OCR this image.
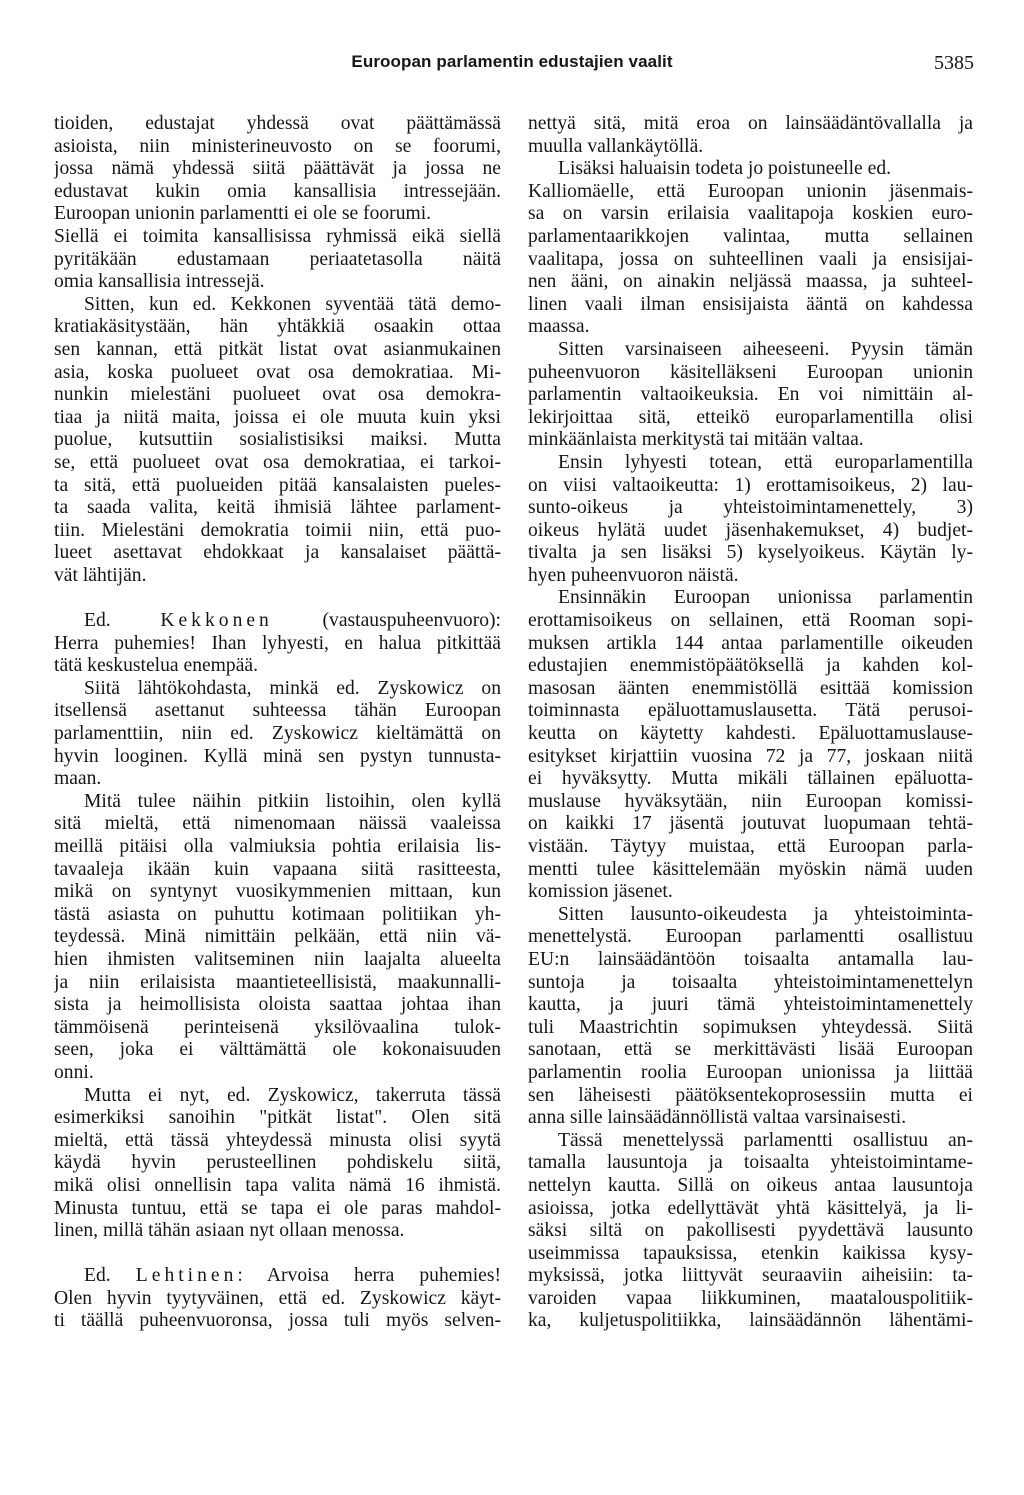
Euroopan parlamentin edustajien vaalit	5385
tioiden, edustajat yhdessä ovat päättämässä
asioista, niin ministerineuvosto on se foorumi,
jossa nämä yhdessä siitä päättävät ja jossa ne
edustavat kukin omia kansallisia intressejään.
Euroopan unionin parlamentti ei ole se foorumi.
Siellä ei toimita kansallisissa ryhmissä eikä siellä
pyritäkään edustamaan periaatetasolla näitä
omia kansallisia intressejä.
Sitten, kun ed. Kekkonen syventää tätä demo-
kratiakäsitystään, hän yhtäkkiä osaakin ottaa
sen kannan, että pitkät listat ovat asianmukainen
asia, koska puolueet ovat osa demokratiaa. Mi-
nunkin mielestäni puolueet ovat osa demokra-
tiaa ja niitä maita, joissa ei ole muuta kuin yksi
puolue, kutsuttiin sosialistisiksi maiksi. Mutta
se, että puolueet ovat osa demokratiaa, ei tarkoi-
ta sitä, että puolueiden pitää kansalaisten pueles-
ta saada valita, keitä ihmisiä lähtee parlament-
tiin. Mielestäni demokratia toimii niin, että puo-
lueet asettavat ehdokkaat ja kansalaiset päättä-
vät lähtijän.
Ed. Kekkonen (vastauspuheenvuoro):
Herra puhemies! Ihan lyhyesti, en halua pitkittää
tätä keskustelua enempää.
Siitä lähtökohdasta, minkä ed. Zyskowicz on
itsellensä asettanut suhteessa tähän Euroopan
parlamenttiin, niin ed. Zyskowicz kieltämättä on
hyvin looginen. Kyllä minä sen pystyn tunnusta-
maan.
Mitä tulee näihin pitkiin listoihin, olen kyllä
sitä mieltä, että nimenomaan näissä vaaleissa
meillä pitäisi olla valmiuksia pohtia erilaisia lis-
tavaaleja ikään kuin vapaana siitä rasitteesta,
mikä on syntynyt vuosikymmenien mittaan, kun
tästä asiasta on puhuttu kotimaan politiikan yh-
teydessä. Minä nimittäin pelkään, että niin vä-
hien ihmisten valitseminen niin laajalta alueelta
ja niin erilaisista maantieteellisistä, maakunnalli-
sista ja heimollisista oloista saattaa johtaa ihan
tämmöisenä perinteisenä yksilövaalina tulok-
seen, joka ei välttämättä ole kokonaisuuden
onni.
Mutta ei nyt, ed. Zyskowicz, takerruta tässä
esimerkiksi sanoihin "pitkät listat". Olen sitä
mieltä, että tässä yhteydessä minusta olisi syytä
käydä hyvin perusteellinen pohdiskelu siitä,
mikä olisi onnellisin tapa valita nämä 16 ihmistä.
Minusta tuntuu, että se tapa ei ole paras mahdol-
linen, millä tähän asiaan nyt ollaan menossa.
Ed. Lehtinen: Arvoisa herra puhemies!
Olen hyvin tyytyväinen, että ed. Zyskowicz käyt-
ti täällä puheenvuoronsa, jossa tuli myös selven-
nettyä sitä, mitä eroa on lainsäädäntövallalla ja
muulla vallankäytöllä.
Lisäksi haluaisin todeta jo poistuneelle ed.
Kalliomäelle, että Euroopan unionin jäsenmais-
sa on varsin erilaisia vaalitapoja koskien euro-
parlamentaarikkojen valintaa, mutta sellainen
vaalitapa, jossa on suhteellinen vaali ja ensisijai-
nen ääni, on ainakin neljässä maassa, ja suhteel-
linen vaali ilman ensisijaista ääntä on kahdessa
maassa.
Sitten varsinaiseen aiheeseeni. Pyysin tämän
puheenvuoron käsitelläkseni Euroopan unionin
parlamentin valtaoikeuksia. En voi nimittäin al-
lekirjoittaa sitä, etteikö europarlamentilla olisi
minkäänlaista merkitystä tai mitään valtaa.
Ensin lyhyesti totean, että europarlamentilla
on viisi valtaoikeutta: 1) erottamisoikeus, 2) lau-
sunto-oikeus ja yhteistoimintamenettely, 3)
oikeus hylätä uudet jäsenhakemukset, 4) budjet-
tivalta ja sen lisäksi 5) kyselyoikeus. Käytän ly-
hyen puheenvuoron näistä.
Ensinnäkin Euroopan unionissa parlamentin
erottamisoikeus on sellainen, että Rooman sopi-
muksen artikla 144 antaa parlamentille oikeuden
edustajien enemmistöpäätöksellä ja kahden kol-
masosan äänten enemmistöllä esittää komission
toiminnasta epäluottamuslausetta. Tätä perusoi-
keutta on käytetty kahdesti. Epäluottamuslause-
esitykset kirjattiin vuosina 72 ja 77, joskaan niitä
ei hyväksytty. Mutta mikäli tällainen epäluotta-
muslause hyväksytään, niin Euroopan komissi-
on kaikki 17 jäsentä joutuvat luopumaan tehtä-
vistään. Täytyy muistaa, että Euroopan parla-
mentti tulee käsittelemään myöskin nämä uuden
komission jäsenet.
Sitten lausunto-oikeudesta ja yhteistoiminta-
menettelystä. Euroopan parlamentti osallistuu
EU:n lainsäädäntöön toisaalta antamalla lau-
suntoja ja toisaalta yhteistoimintamenettelyn
kautta, ja juuri tämä yhteistoimintamenettely
tuli Maastrichtin sopimuksen yhteydessä. Siitä
sanotaan, että se merkittävästi lisää Euroopan
parlamentin roolia Euroopan unionissa ja liittää
sen läheisesti päätöksentekoprosessiin mutta ei
anna sille lainsäädännöllistä valtaa varsinaisesti.
Tässä menettelyssä parlamentti osallistuu an-
tamalla lausuntoja ja toisaalta yhteistoimintame-
nettelyn kautta. Sillä on oikeus antaa lausuntoja
asioissa, jotka edellyttävät yhtä käsittelyä, ja li-
säksi siltä on pakollisesti pyydettävä lausunto
useimmissa tapauksissa, etenkin kaikissa kysy-
myksissä, jotka liittyvät seuraaviin aiheisiin: ta-
varoiden vapaa liikkuminen, maatalouspolitiik-
ka, kuljetuspolitiikka, lainsäädännön lähentämi-
